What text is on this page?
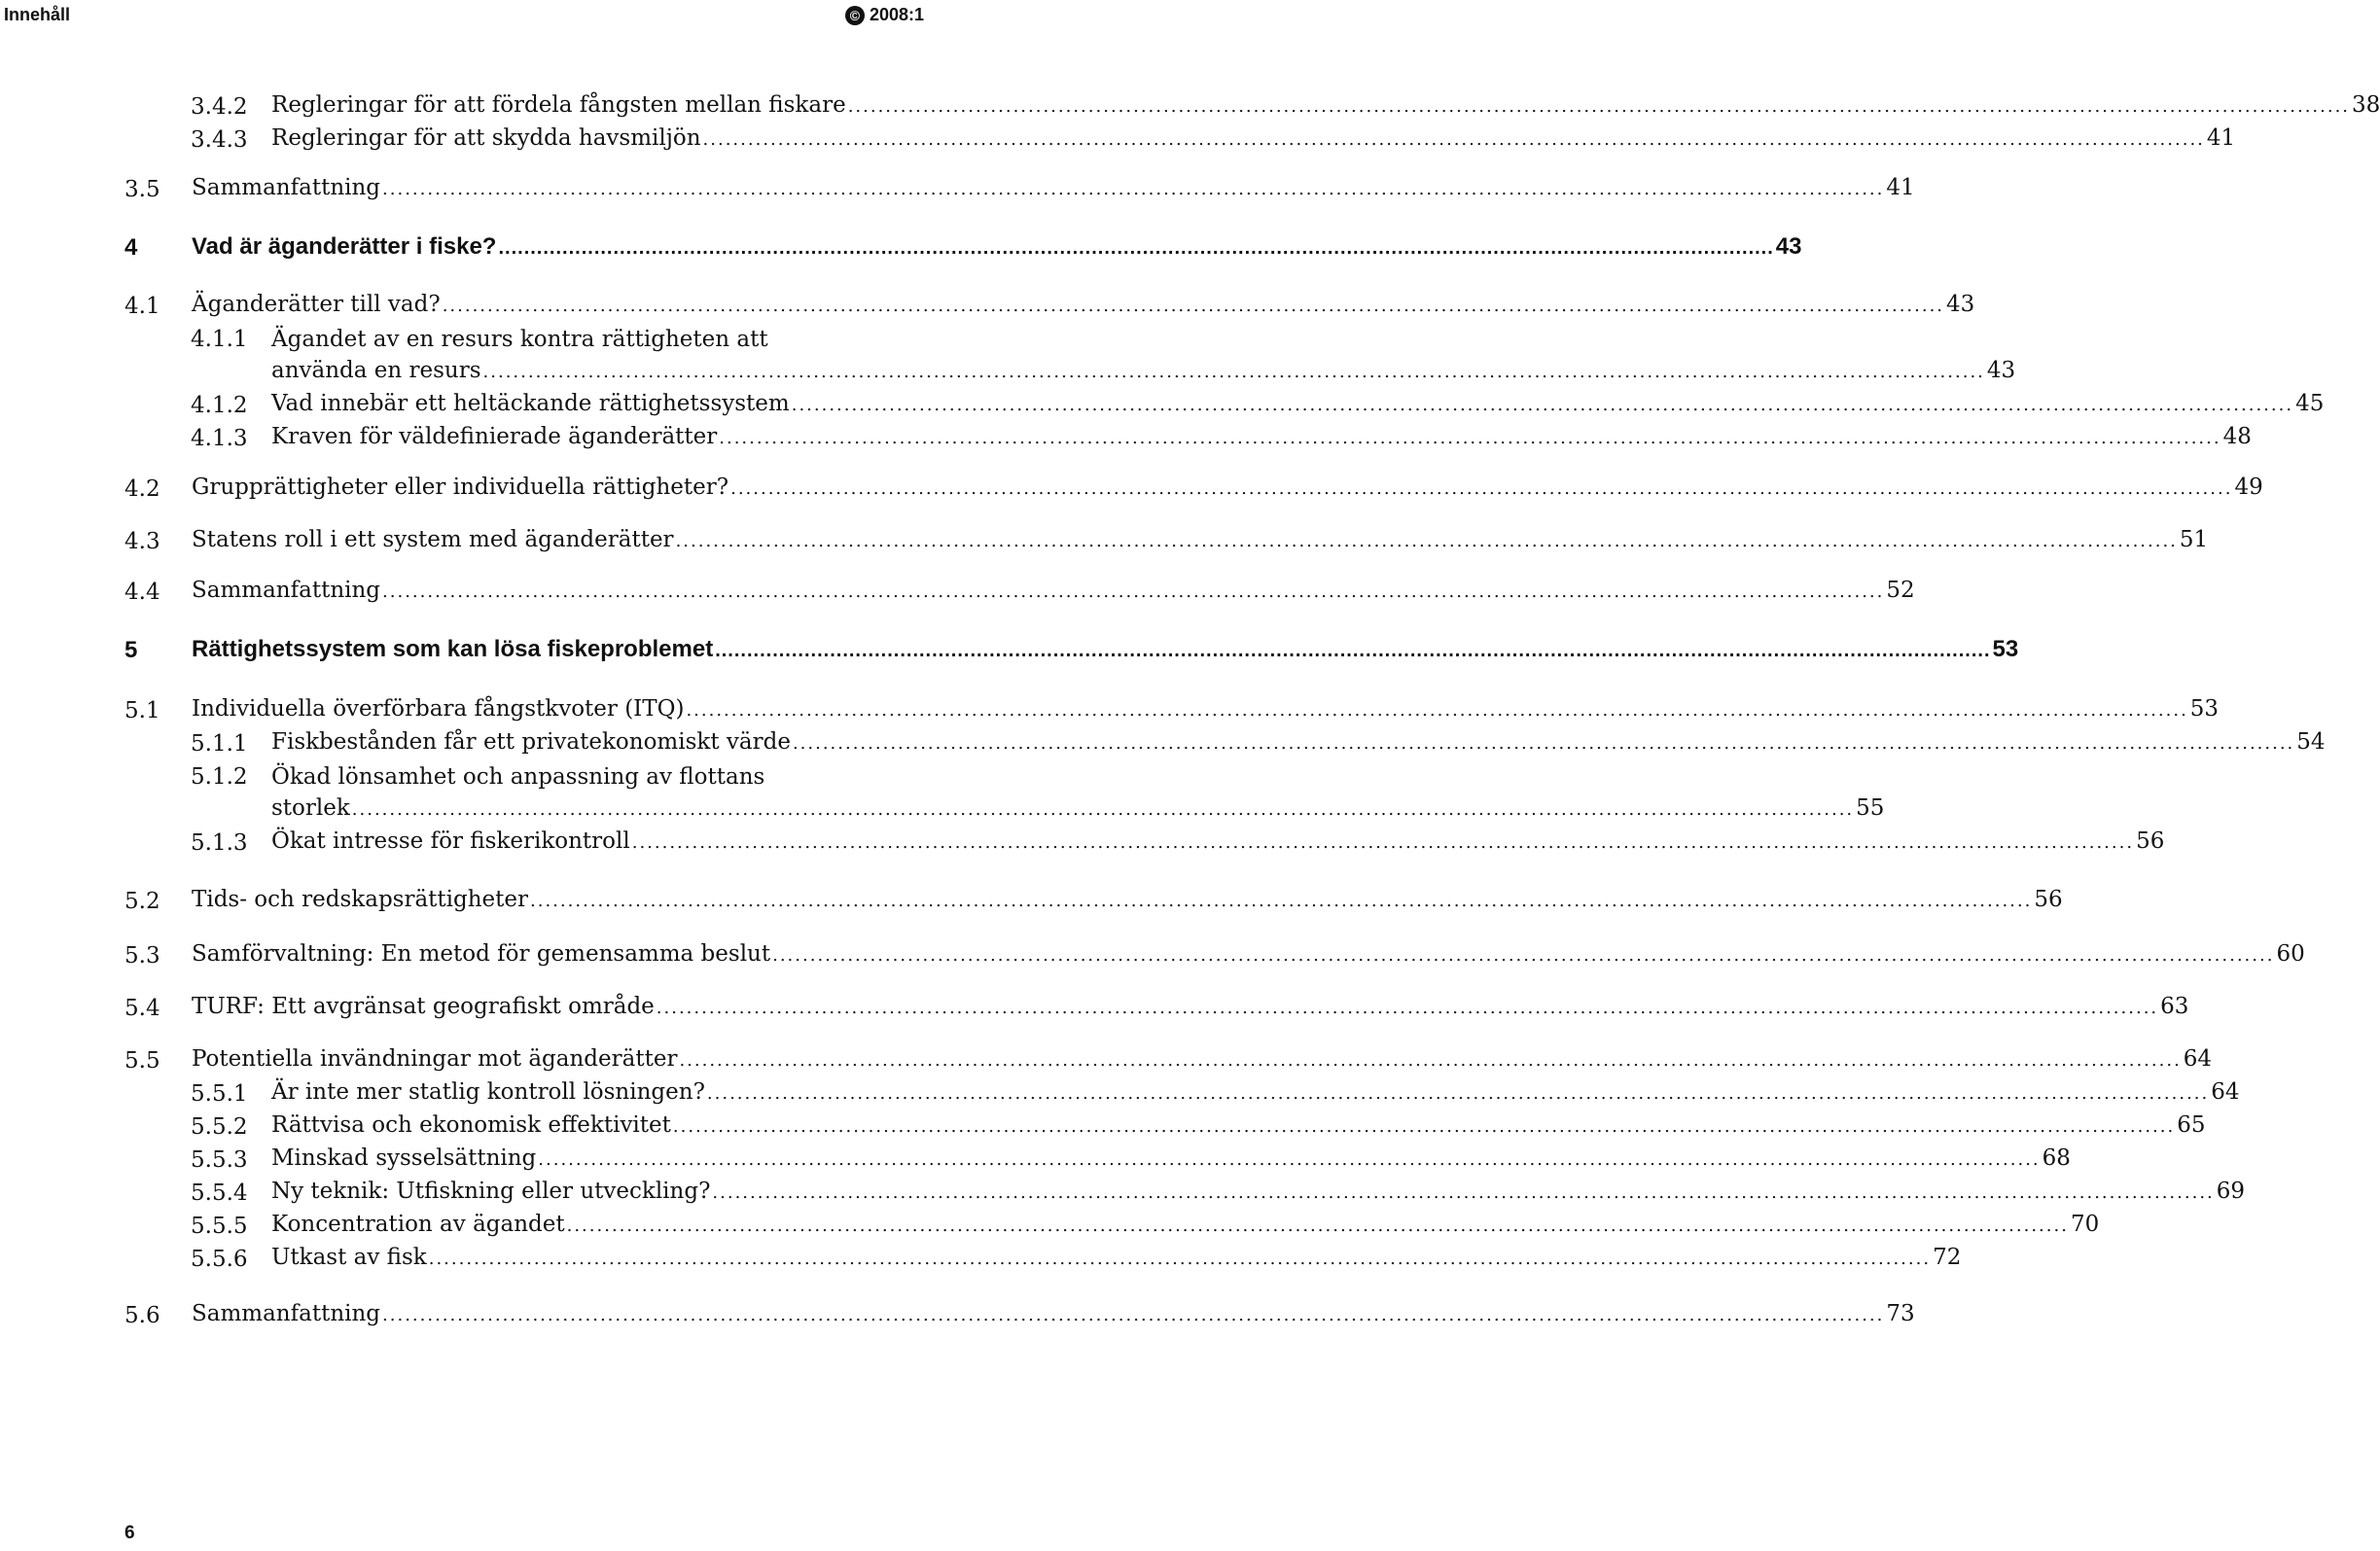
Innehåll	© 2008:1
3.4.2 Regleringar för att fördela fångsten mellan fiskare ........................................................................................................................................................................................................ 38
3.4.3 Regleringar för att skydda havsmiljön ........................................................................................................................................................................................................ 41
3.5 Sammanfattning ........................................................................................................................................................................................................ 41
4 Vad är äganderätter i fiske? ........................................................................................................................................................................................................ 43
4.1 Äganderätter till vad? ........................................................................................................................................................................................................ 43
4.1.1 Ägandet av en resurs kontra rättigheten att
använda en resurs ........................................................................................................................................................................................................ 43
4.1.2 Vad innebär ett heltäckande rättighetssystem ........................................................................................................................................................................................................ 45
4.1.3 Kraven för väldefinierade äganderätter ........................................................................................................................................................................................................ 48
4.2 Grupprättigheter eller individuella rättigheter? ........................................................................................................................................................................................................ 49
4.3 Statens roll i ett system med äganderätter ........................................................................................................................................................................................................ 51
4.4 Sammanfattning ........................................................................................................................................................................................................ 52
5 Rättighetssystem som kan lösa fiskeproblemet ........................................................................................................................................................................................................ 53
5.1 Individuella överförbara fångstkvoter (ITQ) ........................................................................................................................................................................................................ 53
5.1.1 Fiskbestånden får ett privatekonomiskt värde ........................................................................................................................................................................................................ 54
5.1.2 Ökad lönsamhet och anpassning av flottans
storlek ........................................................................................................................................................................................................ 55
5.1.3 Ökat intresse för fiskerikontroll ........................................................................................................................................................................................................ 56
5.2 Tids- och redskapsrättigheter ........................................................................................................................................................................................................ 56
5.3 Samförvaltning: En metod för gemensamma beslut ........................................................................................................................................................................................................ 60
5.4 TURF: Ett avgränsat geografiskt område ........................................................................................................................................................................................................ 63
5.5 Potentiella invändningar mot äganderätter ........................................................................................................................................................................................................ 64
5.5.1 Är inte mer statlig kontroll lösningen? ........................................................................................................................................................................................................ 64
5.5.2 Rättvisa och ekonomisk effektivitet ........................................................................................................................................................................................................ 65
5.5.3 Minskad sysselsättning ........................................................................................................................................................................................................ 68
5.5.4 Ny teknik: Utfiskning eller utveckling? ........................................................................................................................................................................................................ 69
5.5.5 Koncentration av ägandet ........................................................................................................................................................................................................ 70
5.5.6 Utkast av fisk ........................................................................................................................................................................................................ 72
5.6 Sammanfattning ........................................................................................................................................................................................................ 73
6
